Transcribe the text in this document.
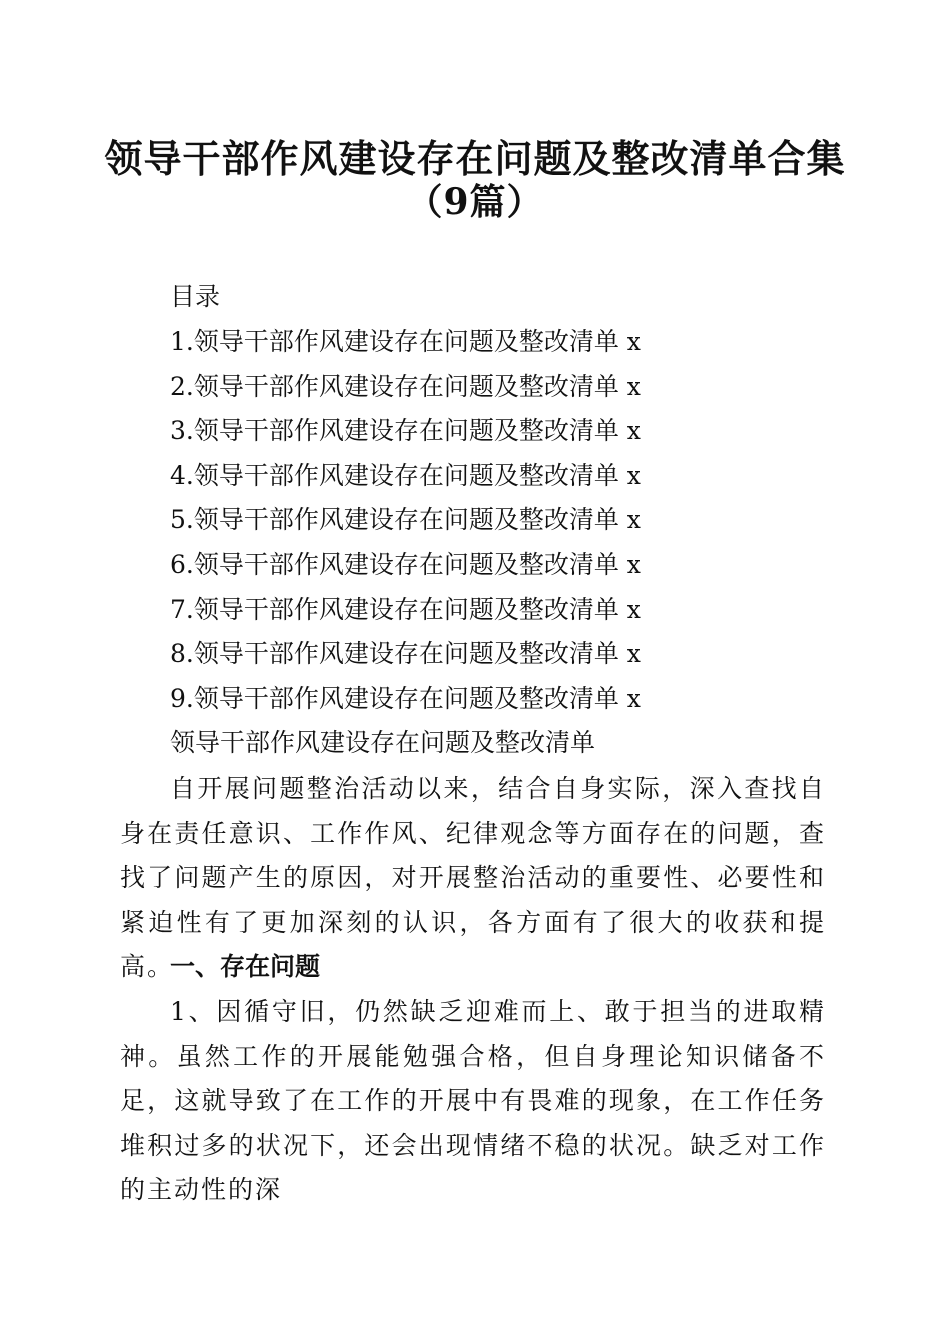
领导干部作风建设存在问题及整改清单合集
（9篇）
目录
1.领导干部作风建设存在问题及整改清单 x
2.领导干部作风建设存在问题及整改清单 x
3.领导干部作风建设存在问题及整改清单 x
4.领导干部作风建设存在问题及整改清单 x
5.领导干部作风建设存在问题及整改清单 x
6.领导干部作风建设存在问题及整改清单 x
7.领导干部作风建设存在问题及整改清单 x
8.领导干部作风建设存在问题及整改清单 x
9.领导干部作风建设存在问题及整改清单 x
领导干部作风建设存在问题及整改清单
自开展问题整治活动以来，结合自身实际，深入查找自身在责任意识、工作作风、纪律观念等方面存在的问题，查找了问题产生的原因，对开展整治活动的重要性、必要性和紧迫性有了更加深刻的认识，各方面有了很大的收获和提高。
一、存在问题
1、因循守旧，仍然缺乏迎难而上、敢于担当的进取精神。虽然工作的开展能勉强合格，但自身理论知识储备不足，这就导致了在工作的开展中有畏难的现象，在工作任务堆积过多的状况下，还会出现情绪不稳的状况。缺乏对工作的主动性的深
